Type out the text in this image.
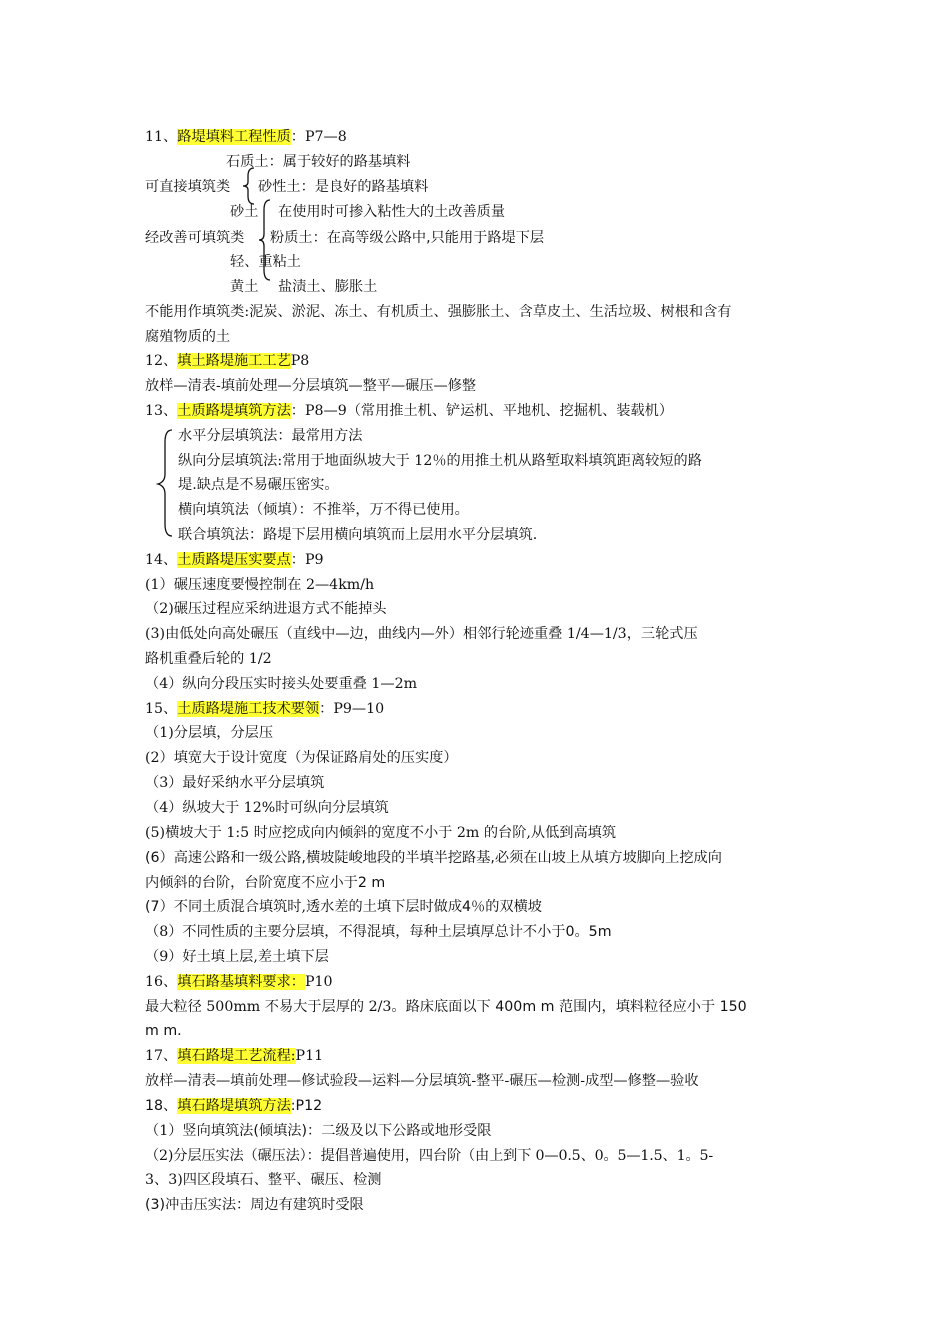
11、路堤填料工程性质：P7—8
石质土：属于较好的路基填料
可直接填筑类 砂性土：是良好的路基填料
砂土 在使用时可掺入粘性大的土改善质量
经改善可填筑类 粉质土：在高等级公路中,只能用于路堤下层
轻、重粘土
黄土 盐渍土、膨胀土
不能用作填筑类:泥炭、淤泥、冻土、有机质土、强膨胀土、含草皮土、生活垃圾、树根和含有
腐殖物质的土
12、填土路堤施工工艺P8
放样—清表-填前处理—分层填筑—整平—碾压—修整
13、土质路堤填筑方法：P8—9（常用推土机、铲运机、平地机、挖掘机、装载机）
水平分层填筑法：最常用方法
纵向分层填筑法:常用于地面纵坡大于 12％的用推土机从路堑取料填筑距离较短的路
堤.缺点是不易碾压密实。
横向填筑法（倾填）：不推举，万不得已使用。
联合填筑法：路堤下层用横向填筑而上层用水平分层填筑.
14、土质路堤压实要点：P9
(1）碾压速度要慢控制在 2—4km/h
（2)碾压过程应采纳进退方式不能掉头
(3)由低处向高处碾压（直线中—边，曲线内—外）相邻行轮迹重叠 1/4—1/3，三轮式压
路机重叠后轮的 1/2
（4）纵向分段压实时接头处要重叠 1—2m
15、土质路堤施工技术要领：P9—10
（1)分层填，分层压
(2）填宽大于设计宽度（为保证路肩处的压实度）
（3）最好采纳水平分层填筑
（4）纵坡大于 12%时可纵向分层填筑
(5)横坡大于 1:5 时应挖成向内倾斜的宽度不小于 2m 的台阶,从低到高填筑
(6）高速公路和一级公路,横坡陡峻地段的半填半挖路基,必须在山坡上从填方坡脚向上挖成向
内倾斜的台阶，台阶宽度不应小于2 m
(7）不同土质混合填筑时,透水差的土填下层时做成4％的双横坡
（8）不同性质的主要分层填，不得混填，每种土层填厚总计不小于0。5m
（9）好土填上层,差土填下层
16、填石路基填料要求：P10
最大粒径 500mm 不易大于层厚的 2/3。路床底面以下 400m m 范围内，填料粒径应小于 150
m m.
17、填石路堤工艺流程:P11
放样—清表—填前处理—修试验段—运料—分层填筑-整平-碾压—检测-成型—修整—验收
18、填石路堤填筑方法:P12
（1）竖向填筑法(倾填法)：二级及以下公路或地形受限
（2)分层压实法（碾压法）：提倡普遍使用，四台阶（由上到下 0—0.5、0。5—1.5、1。5-
3、3)四区段填石、整平、碾压、检测
(3)冲击压实法：周边有建筑时受限
